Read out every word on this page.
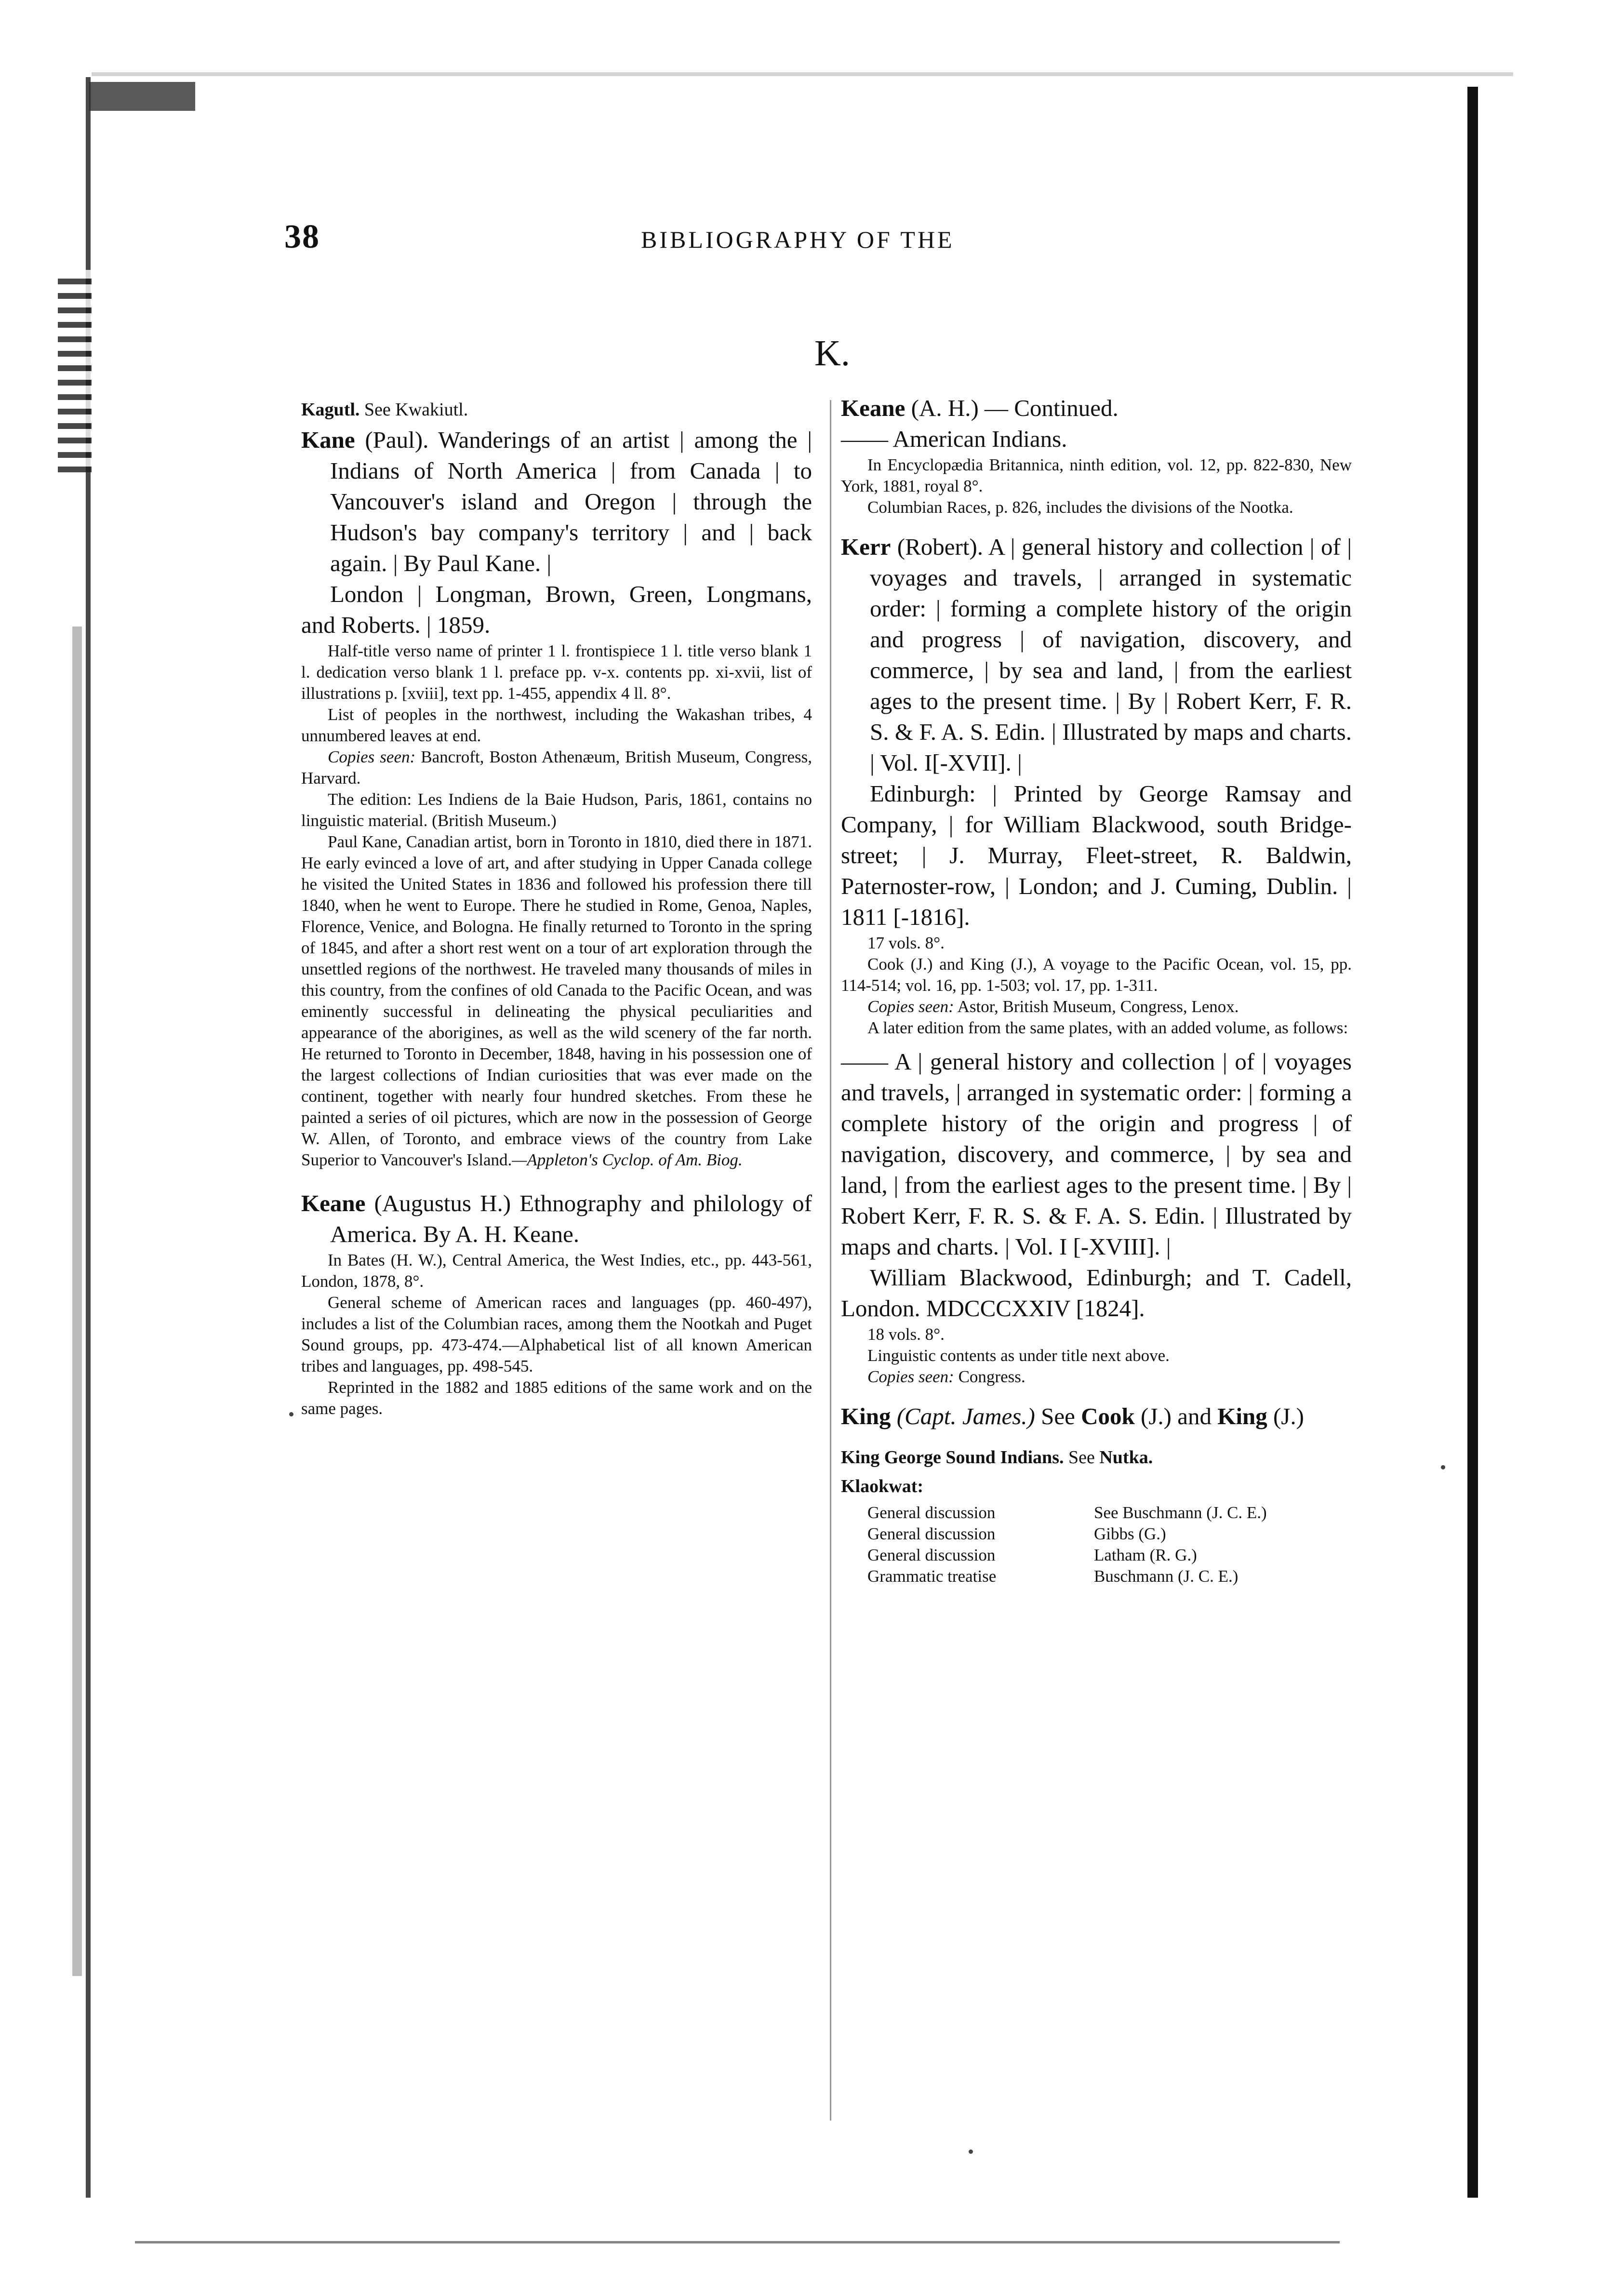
38	BIBLIOGRAPHY OF THE
K.
Kagutl. See Kwakiutl.
Kane (Paul). Wanderings of an artist | among the | Indians of North America | from Canada | to Vancouver's island and Oregon | through the Hudson's bay company's territory | and | back again. | By Paul Kane. |
London | Longman, Brown, Green, Longmans, and Roberts. | 1859.
Half-title verso name of printer 1 l. frontispiece 1 l. title verso blank 1 l. dedication verso blank 1 l. preface pp. v-x. contents pp. xi-xvii, list of illustrations p. [xviii], text pp. 1-455, appendix 4 ll. 8°.
List of peoples in the northwest, including the Wakashan tribes, 4 unnumbered leaves at end.
Copies seen: Bancroft, Boston Athenæum, British Museum, Congress, Harvard.
The edition: Les Indiens de la Baie Hudson, Paris, 1861, contains no linguistic material. (British Museum.)
Paul Kane, Canadian artist, born in Toronto in 1810, died there in 1871. He early evinced a love of art, and after studying in Upper Canada college he visited the United States in 1836 and followed his profession there till 1840, when he went to Europe. There he studied in Rome, Genoa, Naples, Florence, Venice, and Bologna. He finally returned to Toronto in the spring of 1845, and after a short rest went on a tour of art exploration through the unsettled regions of the northwest. He traveled many thousands of miles in this country, from the confines of old Canada to the Pacific Ocean, and was eminently successful in delineating the physical peculiarities and appearance of the aborigines, as well as the wild scenery of the far north. He returned to Toronto in December, 1848, having in his possession one of the largest collections of Indian curiosities that was ever made on the continent, together with nearly four hundred sketches. From these he painted a series of oil pictures, which are now in the possession of George W. Allen, of Toronto, and embrace views of the country from Lake Superior to Vancouver's Island.—Appleton's Cyclop. of Am. Biog.
Keane (Augustus H.) Ethnography and philology of America. By A. H. Keane.
In Bates (H. W.), Central America, the West Indies, etc., pp. 443-561, London, 1878, 8°.
General scheme of American races and languages (pp. 460-497), includes a list of the Columbian races, among them the Nootkah and Puget Sound groups, pp. 473-474.—Alphabetical list of all known American tribes and languages, pp. 498-545.
Reprinted in the 1882 and 1885 editions of the same work and on the same pages.
Keane (A. H.) — Continued.
—— American Indians.
In Encyclopædia Britannica, ninth edition, vol. 12, pp. 822-830, New York, 1881, royal 8°.
Columbian Races, p. 826, includes the divisions of the Nootka.
Kerr (Robert). A | general history and collection | of | voyages and travels, | arranged in systematic order: | forming a complete history of the origin and progress | of navigation, discovery, and commerce, | by sea and land, | from the earliest ages to the present time. | By | Robert Kerr, F. R. S. & F. A. S. Edin. | Illustrated by maps and charts. | Vol. I[-XVII]. |
Edinburgh: | Printed by George Ramsay and Company, | for William Blackwood, south Bridge-street; | J. Murray, Fleet-street, R. Baldwin, Paternoster-row, | London; and J. Cuming, Dublin. | 1811 [-1816].
17 vols. 8°.
Cook (J.) and King (J.), A voyage to the Pacific Ocean, vol. 15, pp. 114-514; vol. 16, pp. 1-503; vol. 17, pp. 1-311.
Copies seen: Astor, British Museum, Congress, Lenox.
A later edition from the same plates, with an added volume, as follows:
—— A | general history and collection | of | voyages and travels, | arranged in systematic order: | forming a complete history of the origin and progress | of navigation, discovery, and commerce, | by sea and land, | from the earliest ages to the present time. | By | Robert Kerr, F. R. S. & F. A. S. Edin. | Illustrated by maps and charts. | Vol. I [-XVIII]. |
William Blackwood, Edinburgh; and T. Cadell, London. MDCCCXXIV [1824].
18 vols. 8°.
Linguistic contents as under title next above.
Copies seen: Congress.
King (Capt. James.) See Cook (J.) and King (J.)
King George Sound Indians. See Nutka.
Klaokwat:
General discussion	See Buschmann (J. C. E.)
General discussion	Gibbs (G.)
General discussion	Latham (R. G.)
Grammatic treatise	Buschmann (J. C. E.)
